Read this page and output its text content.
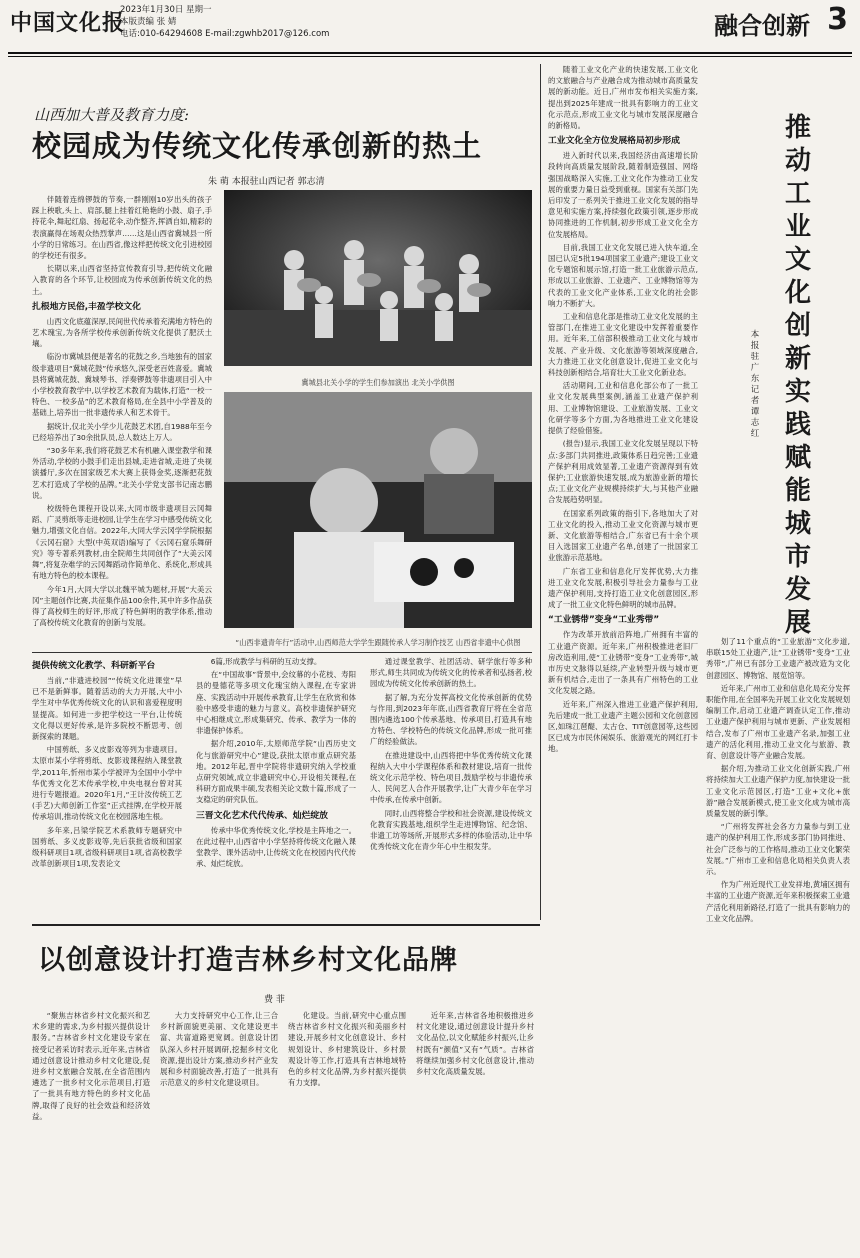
中国文化报
2023年1月30日 星期一
本版责编 张 婧
电话:010-64294608 E-mail:zgwhb2017@126.com	融合创新 3
山西加大普及教育力度:
校园成为传统文化传承创新的热土
朱 萌 本报驻山西记者 郭志清

伴随着连绵锣鼓的节奏,一群刚刚10岁出头的孩子踩上秧歌,头上、肩部,腿上挂着红艳艳的小鼓、扇子,手持花伞,舞起红扇、扬起花伞,动作整齐,挥洒自如,精彩的表演赢得在场观众热烈掌声……这是山西省冀城县一所小学的日常练习。在山西省,像这样把传统文化引进校园的学校还有很多。

长期以来,山西省坚持宣传教育引导,把传统文化融入教育的各个环节,让校园成为传承创新传统文化的热土。

扎根地方民俗,丰盈学校文化

山西文化底蕴深厚,民间世代传承着充满地方特色的艺术瑰宝,为各所学校传承创新传统文化提供了肥沃土壤。

临汾市冀城县便是著名的花鼓之乡,当地独有的国家级非遗项目“冀城花鼓”传承悠久,深受老百姓喜爱。冀城县将冀城花鼓、冀城琴书、浮奏锣鼓等非遗项目引入中小学校教育教学中,以学校艺术教育为载体,打造“一校一特色、一校多品”的艺术教育格局,在全县中小学普及的基础上,培养出一批非遗传承人和艺术骨干。

据统计,仅北关小学少儿花鼓艺术团,自1988年至今已经培养出了30余批队员,总人数达上万人。

“30多年来,我们将花鼓艺术有机融入课堂教学和课外活动,学校的小鼓手们走出县城,走进省城,走进了央视演播厅,多次在国家级艺术大赛上获得金奖,逐渐把花鼓艺术打造成了学校的品牌。”北关小学党支部书记南志鹏说。

校级特色课程开设以来,大同市级非遗项目云冈舞蹈、广灵剪纸等走进校园,让学生在学习中感受传统文化魅力,增强文化自信。2022年,大同大学云冈学学院根据《云冈石窟》大型(中英双语)编写了《云冈石窟乐舞研究》等专著系列教材,由全院师生共同创作了“大美云冈舞”,将复杂难学的云冈舞蹈动作简单化、系统化,形成具有地方特色的校本课程。

今年1月,大同大学以北魏平城为题材,开展“大美云冈”主题创作比赛,共征集作品100余件,其中许多作品获得了高校师生的好评,形成了特色鲜明的教学体系,推动了高校传统文化教育的创新与发展。

冀城县北关小学的学生们参加演出 北关小学供图
“山西非遗青年行”活动中,山西师范大学学生跟随传承人学习制作技艺 山西省非遗中心供图
提供传统文化教学、科研新平台

当前,“非遗进校园”“传统文化进课堂”早已不是新鲜事。随着活动的大力开展,大中小学生对中华优秀传统文化的认识和喜爱程度明显提高。如何进一步把学校这一平台,让传统文化得以更好传承,是许多院校不断思考、创新探索的课题。

中国剪纸、多义皮影戏等列为非遗项目。太原市某小学将剪纸、皮影戏课程纳入课堂教学,2011年,忻州市某小学被评为全国中小学中华优秀文化艺术传承学校,中央电视台曾对其进行专题报道。2020年1月,“王计汝传统工艺(手艺)大师创新工作室”正式挂牌,在学校开展传承培训,推动传统文化在校园落地生根。

多年来,吕梁学院艺术系教师专题研究中国剪纸、多义皮影戏等,先后获批省级和国家级科研项目1项,省级科研项目1项,省高校教学改革创新项目1项,发表论文

6篇,形成教学与科研的互动支撑。

在“中国故事”背景中,会纹幕的小花枝、寿阳县的曼德花等多项文化瑰宝纳入课程,在专家讲座、实践活动中开展传承教育,让学生在欣赏和体验中感受非遗的魅力与意义。高校非遗保护研究中心相继成立,形成集研究、传承、教学为一体的非遗保护体系。

据介绍,2010年,太原师范学院“山西历史文化与旅游研究中心”建设,获批太原市重点研究基地。2012年起,晋中学院将非遗研究纳入学校重点研究领域,成立非遗研究中心,开设相关课程,在科研方面成果丰硕,发表相关论文数十篇,形成了一支稳定的研究队伍。

三晋文化艺术代代传承、灿烂绽放

传承中华优秀传统文化,学校是主阵地之一。在此过程中,山西省中小学坚持将传统文化融入课堂教学、课外活动中,让传统文化在校园内代代传承、灿烂绽放。

通过课堂教学、社团活动、研学旅行等多种形式,师生共同成为传统文化的传承者和弘扬者,校园成为传统文化传承创新的热土。

据了解,为充分发挥高校文化传承创新的优势与作用,到2023年年底,山西省教育厅将在全省范围内遴选100个传承基地、传承项目,打造具有地方特色、学校特色的传统文化品牌,形成一批可推广的经验做法。

在推进建设中,山西将把中华优秀传统文化课程纳入大中小学课程体系和教材建设,培育一批传统文化示范学校、特色项目,鼓励学校与非遗传承人、民间艺人合作开展教学,让广大青少年在学习中传承,在传承中创新。

同时,山西将整合学校和社会资源,建设传统文化教育实践基地,组织学生走进博物馆、纪念馆、非遗工坊等场所,开展形式多样的体验活动,让中华优秀传统文化在青少年心中生根发芽。

随着工业文化产业的快速发展,工业文化的文旅融合与产业融合成为推动城市高质量发展的新动能。近日,广州市发布相关实施方案,提出到2025年建成一批具有影响力的工业文化示范点,形成工业文化与城市发展深度融合的新格局。

工业文化全方位发展格局初步形成

进入新时代以来,我国经济由高速增长阶段转向高质量发展阶段,随着制造强国、网络强国战略深入实施,工业文化作为推动工业发展的重要力量日益受到重视。国家有关部门先后印发了一系列关于推进工业文化发展的指导意见和实施方案,持续强化政策引领,逐步形成协同推进的工作机制,初步形成工业文化全方位发展格局。

目前,我国工业文化发展已进入快车道,全国已认定5批194项国家工业遗产;建设工业文化专题馆和展示馆,打造一批工业旅游示范点,形成以工业旅游、工业遗产、工业博物馆等为代表的工业文化产业体系,工业文化的社会影响力不断扩大。

工业和信息化部是推动工业文化发展的主管部门,在推进工业文化建设中发挥着重要作用。近年来,工信部积极推动工业文化与城市发展、产业升级、文化旅游等领域深度融合,大力推进工业文化创意设计,促进工业文化与科技创新相结合,培育壮大工业文化新业态。

活动期间,工业和信息化部公布了一批工业文化发展典型案例,涵盖工业遗产保护利用、工业博物馆建设、工业旅游发展、工业文化研学等多个方面,为各地推进工业文化建设提供了经验借鉴。

(报告)显示,我国工业文化发展呈现以下特点:多部门共同推进,政策体系日趋完善;工业遗产保护利用成效显著,工业遗产资源得到有效保护;工业旅游快速发展,成为旅游业新的增长点;工业文化产业规模持续扩大,与其他产业融合发展趋势明显。

在国家系列政策的指引下,各地加大了对工业文化的投入,推动工业文化资源与城市更新、文化旅游等相结合,广东省已有十余个项目入选国家工业遗产名单,创建了一批国家工业旅游示范基地。

广东省工业和信息化厅发挥优势,大力推进工业文化发展,积极引导社会力量参与工业遗产保护利用,支持打造工业文化创意园区,形成了一批工业文化特色鲜明的城市品牌。

“工业锈带”变身“工业秀带”

作为改革开放前沿阵地,广州拥有丰富的工业遗产资源。近年来,广州积极推进老旧厂房改造利用,使“工业锈带”变身“工业秀带”,城市历史文脉得以延续,产业转型升级与城市更新有机结合,走出了一条具有广州特色的工业文化发展之路。

近年来,广州深入推进工业遗产保护利用,先后建成一批工业遗产主题公园和文化创意园区,如珠江琶醍、太古仓、TIT创意园等,这些园区已成为市民休闲娱乐、旅游观光的网红打卡地。

推动工业文化创新实践 赋能城市发展
本报驻广东记者 谭志红

划了11个重点的“工业旅游”文化步道,串联15处工业遗产,让“工业锈带”变身“工业秀带”,广州已有部分工业遗产被改造为文化创意园区、博物馆、展览馆等。

近年来,广州市工业和信息化局充分发挥职能作用,在全国率先开展工业文化发展规划编制工作,启动工业遗产调查认定工作,推动工业遗产保护利用与城市更新、产业发展相结合,发布了广州市工业遗产名录,加强工业遗产的活化利用,推动工业文化与旅游、教育、创意设计等产业融合发展。

据介绍,为推动工业文化创新实践,广州将持续加大工业遗产保护力度,加快建设一批工业文化示范园区,打造“工业+文化+旅游”融合发展新模式,使工业文化成为城市高质量发展的新引擎。

“广州将发挥社会各方力量参与到工业遗产的保护利用工作,形成多部门协同推进、社会广泛参与的工作格局,推动工业文化繁荣发展。”广州市工业和信息化局相关负责人表示。

作为广州近现代工业发祥地,黄埔区拥有丰富的工业遗产资源,近年来积极探索工业遗产活化利用新路径,打造了一批具有影响力的工业文化品牌。

以创意设计打造吉林乡村文化品牌
费 菲

“聚焦吉林省乡村文化振兴和艺术乡建的需求,为乡村振兴提供设计服务。”吉林省乡村文化建设专家在接受记者采访时表示,近年来,吉林省通过创意设计推动乡村文化建设,促进乡村文旅融合发展,在全省范围内遴选了一批乡村文化示范项目,打造了一批具有地方特色的乡村文化品牌,取得了良好的社会效益和经济效益。

大力支持研究中心工作,让三合乡村新面貌更美丽、文化建设更丰富、共富道路更宽阔。创意设计团队深入乡村开展调研,挖掘乡村文化资源,提出设计方案,推动乡村产业发展和乡村面貌改善,打造了一批具有示范意义的乡村文化建设项目。

化建设。当前,研究中心重点围绕吉林省乡村文化振兴和美丽乡村建设,开展乡村文化创意设计、乡村规划设计、乡村建筑设计、乡村景观设计等工作,打造具有吉林地域特色的乡村文化品牌,为乡村振兴提供有力支撑。

近年来,吉林省各地积极推进乡村文化建设,通过创意设计提升乡村文化品位,以文化赋能乡村振兴,让乡村既有“颜值”又有“气质”。吉林省将继续加强乡村文化创意设计,推动乡村文化高质量发展。
